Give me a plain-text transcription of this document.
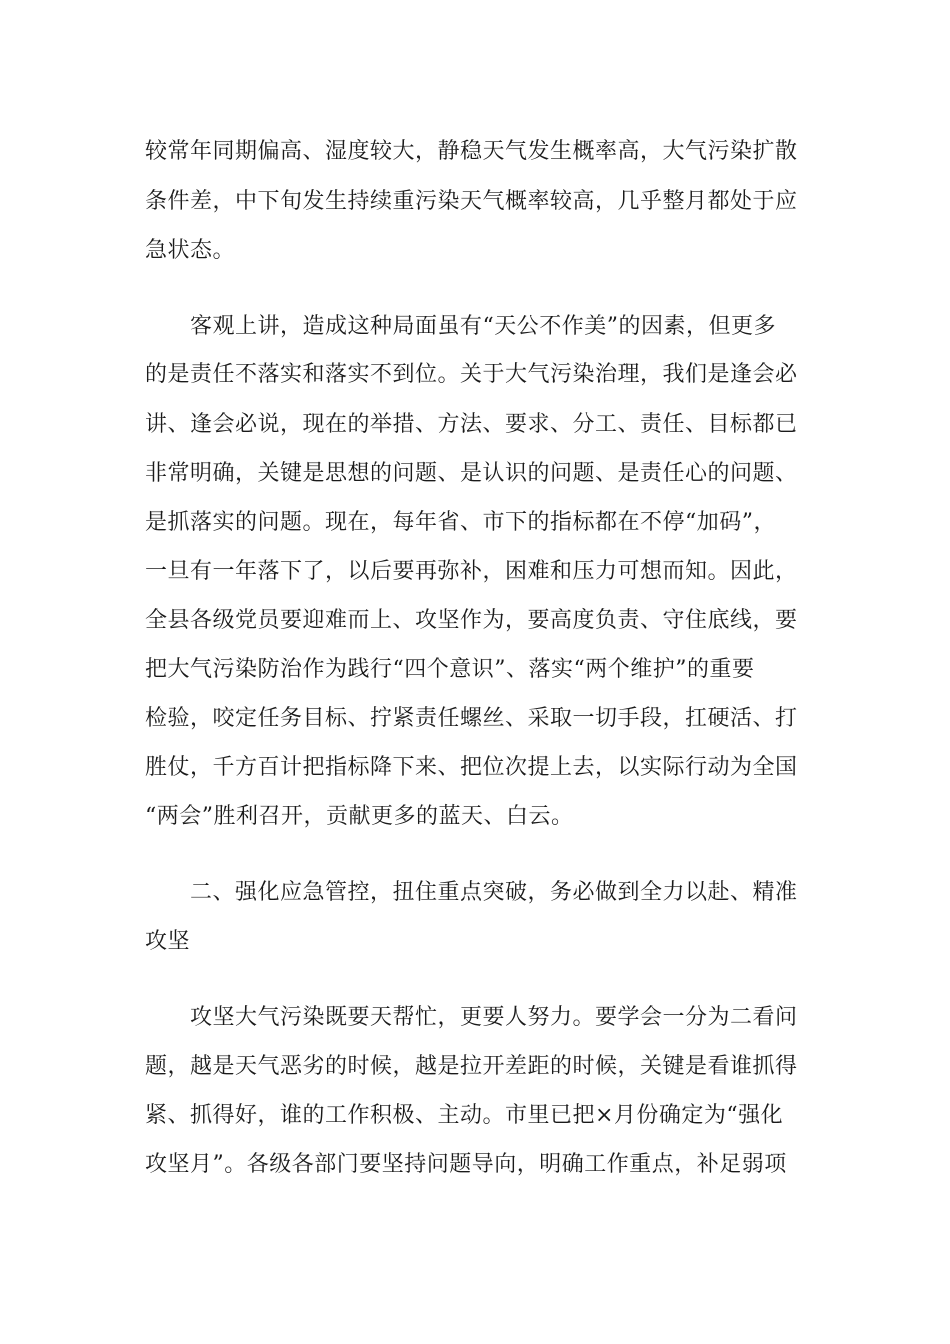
较常年同期偏高、湿度较大，静稳天气发生概率高，大气污染扩散
条件差，中下旬发生持续重污染天气概率较高，几乎整月都处于应
急状态。
　　客观上讲，造成这种局面虽有“天公不作美”的因素，但更多
的是责任不落实和落实不到位。关于大气污染治理，我们是逢会必
讲、逢会必说，现在的举措、方法、要求、分工、责任、目标都已
非常明确，关键是思想的问题、是认识的问题、是责任心的问题、
是抓落实的问题。现在，每年省、市下的指标都在不停“加码”，
一旦有一年落下了，以后要再弥补，困难和压力可想而知。因此，
全县各级党员要迎难而上、攻坚作为，要高度负责、守住底线，要
把大气污染防治作为践行“四个意识”、落实“两个维护”的重要
检验，咬定任务目标、拧紧责任螺丝、采取一切手段，扛硬活、打
胜仗，千方百计把指标降下来、把位次提上去，以实际行动为全国
“两会”胜利召开，贡献更多的蓝天、白云。
　　二、强化应急管控，扭住重点突破，务必做到全力以赴、精准
攻坚
　　攻坚大气污染既要天帮忙，更要人努力。要学会一分为二看问
题，越是天气恶劣的时候，越是拉开差距的时候，关键是看谁抓得
紧、抓得好，谁的工作积极、主动。市里已把×月份确定为“强化
攻坚月”。各级各部门要坚持问题导向，明确工作重点，补足弱项
